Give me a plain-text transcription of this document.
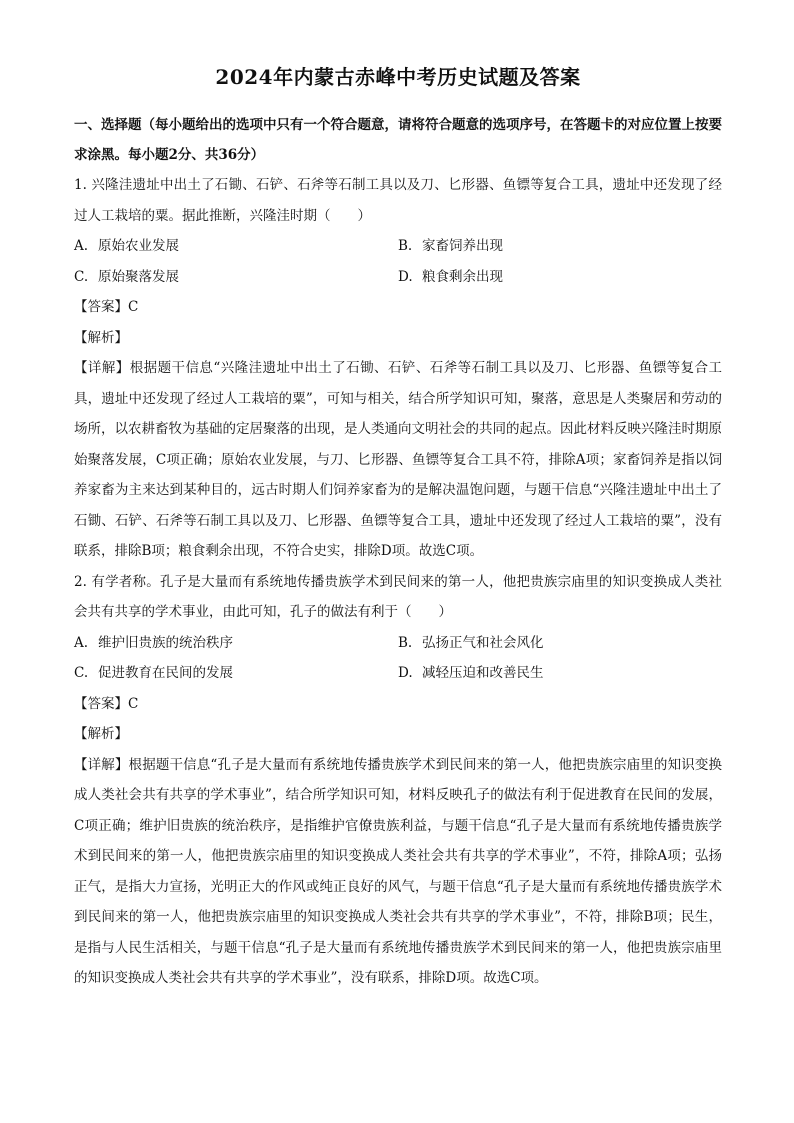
2024年内蒙古赤峰中考历史试题及答案

一、选择题（每小题给出的选项中只有一个符合题意，请将符合题意的选项序号，在答题卡的对应位置上按要求涂黑。每小题2分、共36分）

1. 兴隆洼遗址中出土了石锄、石铲、石斧等石制工具以及刀、匕形器、鱼镖等复合工具，遗址中还发现了经过人工栽培的粟。据此推断，兴隆洼时期（　　）

A. 原始农业发展	B. 家畜饲养出现
C. 原始聚落发展	D. 粮食剩余出现
【答案】C
【解析】

【详解】根据题干信息“兴隆洼遗址中出土了石锄、石铲、石斧等石制工具以及刀、匕形器、鱼镖等复合工具，遗址中还发现了经过人工栽培的粟”，可知与相关，结合所学知识可知，聚落，意思是人类聚居和劳动的场所，以农耕畜牧为基础的定居聚落的出现，是人类通向文明社会的共同的起点。因此材料反映兴隆洼时期原始聚落发展，C项正确；原始农业发展，与刀、匕形器、鱼镖等复合工具不符，排除A项；家畜饲养是指以饲养家畜为主来达到某种目的，远古时期人们饲养家畜为的是解决温饱问题，与题干信息“兴隆洼遗址中出土了石锄、石铲、石斧等石制工具以及刀、匕形器、鱼镖等复合工具，遗址中还发现了经过人工栽培的粟”，没有联系，排除B项；粮食剩余出现，不符合史实，排除D项。故选C项。

2. 有学者称。孔子是大量而有系统地传播贵族学术到民间来的第一人，他把贵族宗庙里的知识变换成人类社会共有共享的学术事业，由此可知，孔子的做法有利于（　　）

A. 维护旧贵族的统治秩序	B. 弘扬正气和社会风化
C. 促进教育在民间的发展	D. 减轻压迫和改善民生
【答案】C
【解析】

【详解】根据题干信息“孔子是大量而有系统地传播贵族学术到民间来的第一人，他把贵族宗庙里的知识变换成人类社会共有共享的学术事业”，结合所学知识可知，材料反映孔子的做法有利于促进教育在民间的发展，C项正确；维护旧贵族的统治秩序，是指维护官僚贵族利益，与题干信息“孔子是大量而有系统地传播贵族学术到民间来的第一人，他把贵族宗庙里的知识变换成人类社会共有共享的学术事业”，不符，排除A项；弘扬正气，是指大力宣扬，光明正大的作风或纯正良好的风气，与题干信息“孔子是大量而有系统地传播贵族学术到民间来的第一人，他把贵族宗庙里的知识变换成人类社会共有共享的学术事业”，不符，排除B项；民生，是指与人民生活相关，与题干信息“孔子是大量而有系统地传播贵族学术到民间来的第一人，他把贵族宗庙里的知识变换成人类社会共有共享的学术事业”，没有联系，排除D项。故选C项。
